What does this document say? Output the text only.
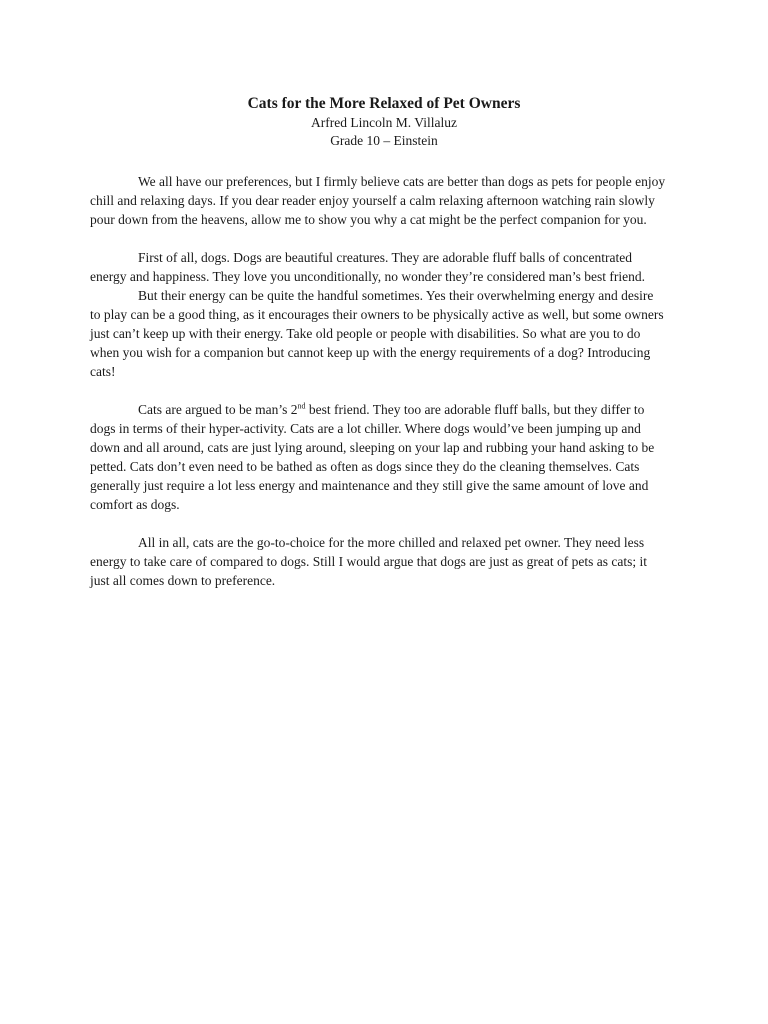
Cats for the More Relaxed of Pet Owners

Arfred Lincoln M. Villaluz

Grade 10 – Einstein

We all have our preferences, but I firmly believe cats are better than dogs as pets for people enjoy
chill and relaxing days. If you dear reader enjoy yourself a calm relaxing afternoon watching rain slowly
pour down from the heavens, allow me to show you why a cat might be the perfect companion for you.

First of all, dogs. Dogs are beautiful creatures. They are adorable fluff balls of concentrated
energy and happiness. They love you unconditionally, no wonder they’re considered man’s best friend.

But their energy can be quite the handful sometimes. Yes their overwhelming energy and desire
to play can be a good thing, as it encourages their owners to be physically active as well, but some owners
just can’t keep up with their energy. Take old people or people with disabilities. So what are you to do
when you wish for a companion but cannot keep up with the energy requirements of a dog? Introducing
cats!

Cats are argued to be man’s 2nd best friend. They too are adorable fluff balls, but they differ to
dogs in terms of their hyper-activity. Cats are a lot chiller. Where dogs would’ve been jumping up and
down and all around, cats are just lying around, sleeping on your lap and rubbing your hand asking to be
petted. Cats don’t even need to be bathed as often as dogs since they do the cleaning themselves. Cats
generally just require a lot less energy and maintenance and they still give the same amount of love and
comfort as dogs.

All in all, cats are the go-to-choice for the more chilled and relaxed pet owner. They need less
energy to take care of compared to dogs. Still I would argue that dogs are just as great of pets as cats; it
just all comes down to preference.
